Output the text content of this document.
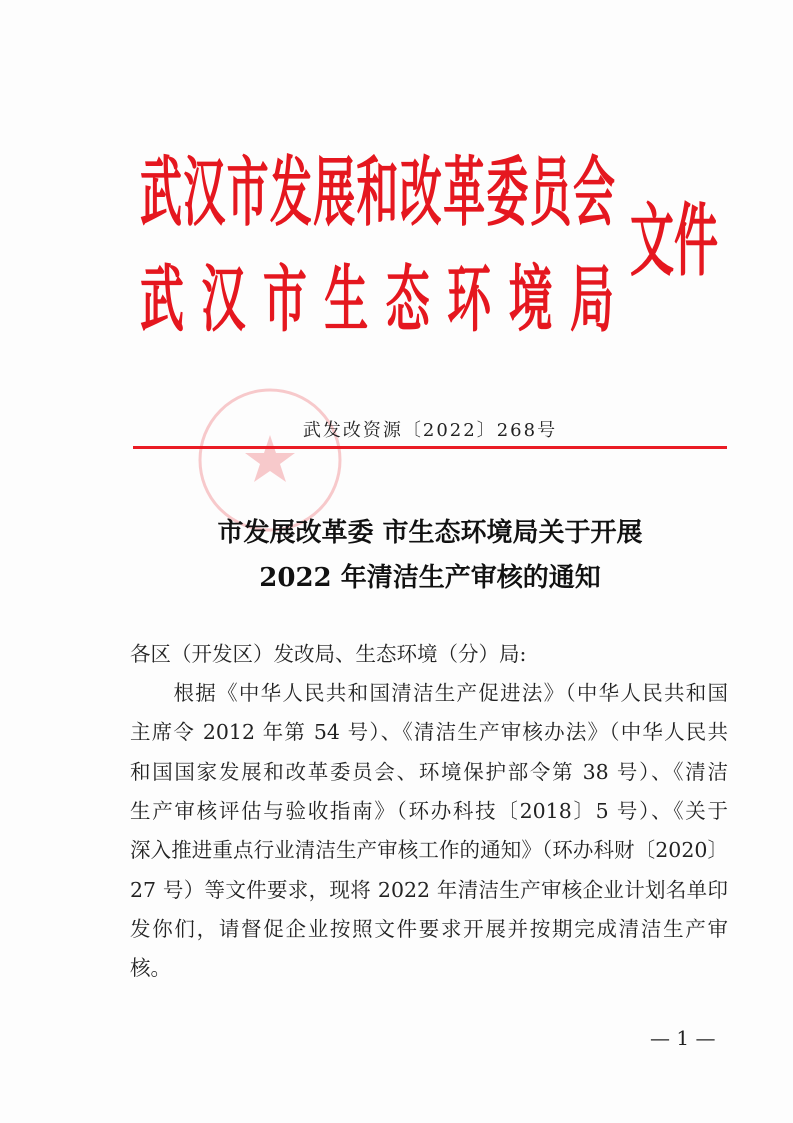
武汉市发展和改革委员会
武汉市生态环境局
文件
武发改资源〔2022〕268号
市发展改革委 市生态环境局关于开展
2022 年清洁生产审核的通知
各区（开发区）发改局、生态环境（分）局:
　　根据《中华人民共和国清洁生产促进法》（中华人民共和国
主席令 2012 年第 54 号）、《清洁生产审核办法》（中华人民共
和国国家发展和改革委员会、环境保护部令第 38 号）、《清洁
生产审核评估与验收指南》（环办科技〔2018〕5 号）、《关于
深入推进重点行业清洁生产审核工作的通知》（环办科财〔2020〕
27 号）等文件要求，现将 2022 年清洁生产审核企业计划名单印
发你们，请督促企业按照文件要求开展并按期完成清洁生产审
核。
— 1 —
